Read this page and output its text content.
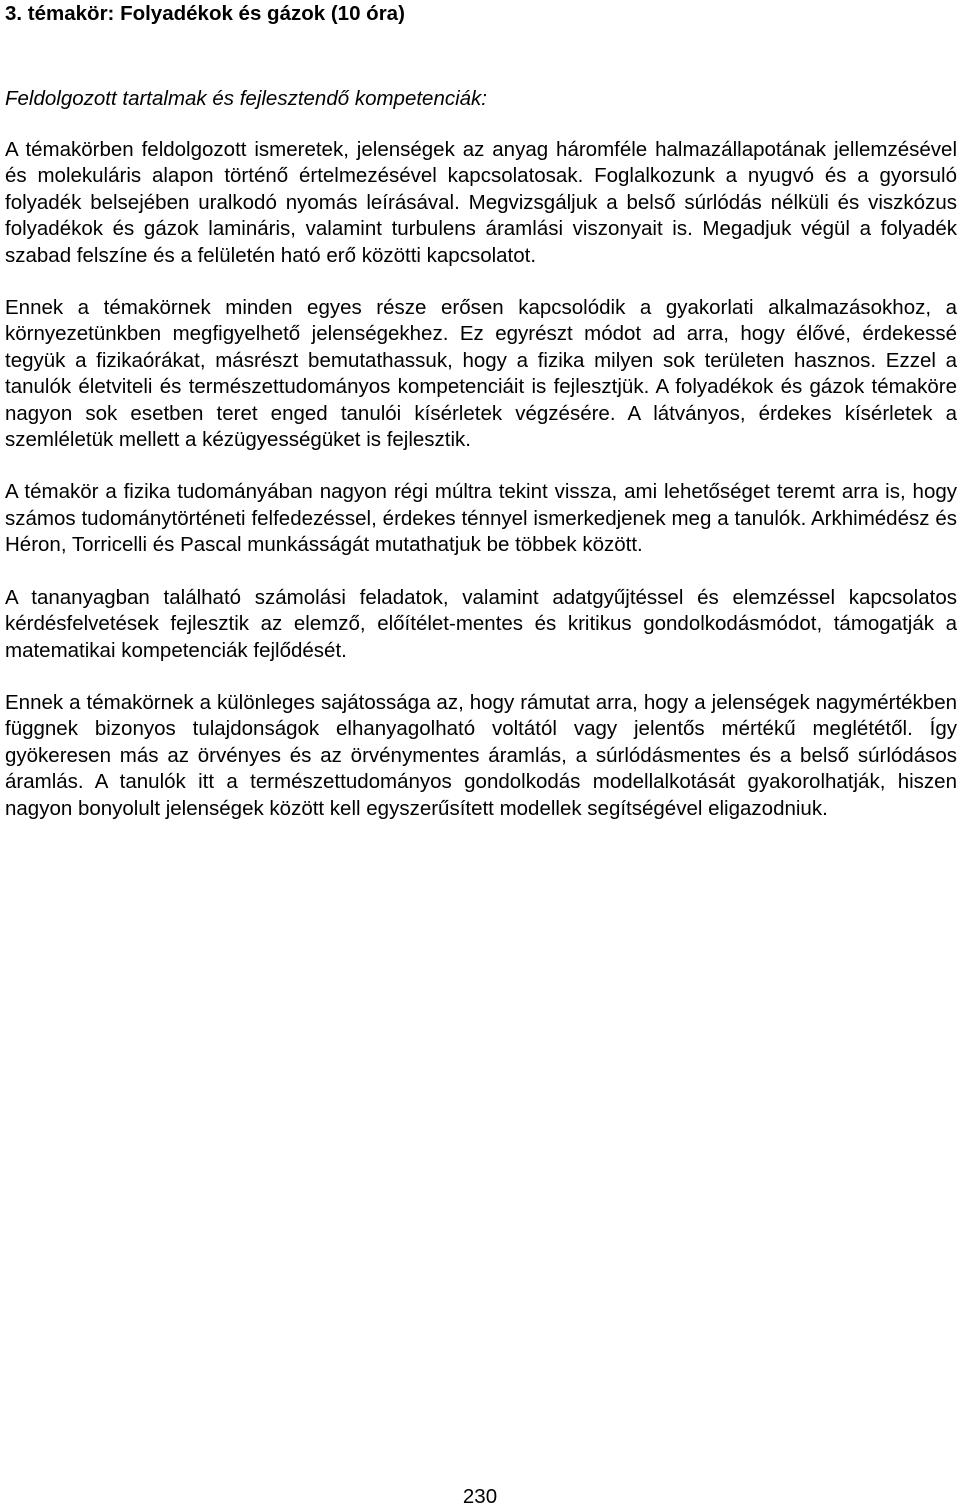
3. témakör: Folyadékok és gázok (10 óra)

Feldolgozott tartalmak és fejlesztendő kompetenciák:

A témakörben feldolgozott ismeretek, jelenségek az anyag háromféle halmazállapotának jellemzésével és molekuláris alapon történő értelmezésével kapcsolatosak. Foglalkozunk a nyugvó és a gyorsuló folyadék belsejében uralkodó nyomás leírásával. Megvizsgáljuk a belső súrlódás nélküli és viszkózus folyadékok és gázok lamináris, valamint turbulens áramlási viszonyait is. Megadjuk végül a folyadék szabad felszíne és a felületén ható erő közötti kapcsolatot.

Ennek a témakörnek minden egyes része erősen kapcsolódik a gyakorlati alkalmazásokhoz, a környezetünkben megfigyelhető jelenségekhez. Ez egyrészt módot ad arra, hogy élővé, érdekessé tegyük a fizikaórákat, másrészt bemutathassuk, hogy a fizika milyen sok területen hasznos. Ezzel a tanulók életviteli és természettudományos kompetenciáit is fejlesztjük. A folyadékok és gázok témaköre nagyon sok esetben teret enged tanulói kísérletek végzésére. A látványos, érdekes kísérletek a szemléletük mellett a kézügyességüket is fejlesztik.

A témakör a fizika tudományában nagyon régi múltra tekint vissza, ami lehetőséget teremt arra is, hogy számos tudománytörténeti felfedezéssel, érdekes ténnyel ismerkedjenek meg a tanulók. Arkhimédész és Héron, Torricelli és Pascal munkásságát mutathatjuk be többek között.

A tananyagban található számolási feladatok, valamint adatgyűjtéssel és elemzéssel kapcsolatos kérdésfelvetések fejlesztik az elemző, előítélet-mentes és kritikus gondolkodásmódot, támogatják a matematikai kompetenciák fejlődését.

Ennek a témakörnek a különleges sajátossága az, hogy rámutat arra, hogy a jelenségek nagymértékben függnek bizonyos tulajdonságok elhanyagolható voltától vagy jelentős mértékű meglététől. Így gyökeresen más az örvényes és az örvénymentes áramlás, a súrlódásmentes és a belső súrlódásos áramlás. A tanulók itt a természettudományos gondolkodás modellalkotását gyakorolhatják, hiszen nagyon bonyolult jelenségek között kell egyszerűsített modellek segítségével eligazodniuk.

230
